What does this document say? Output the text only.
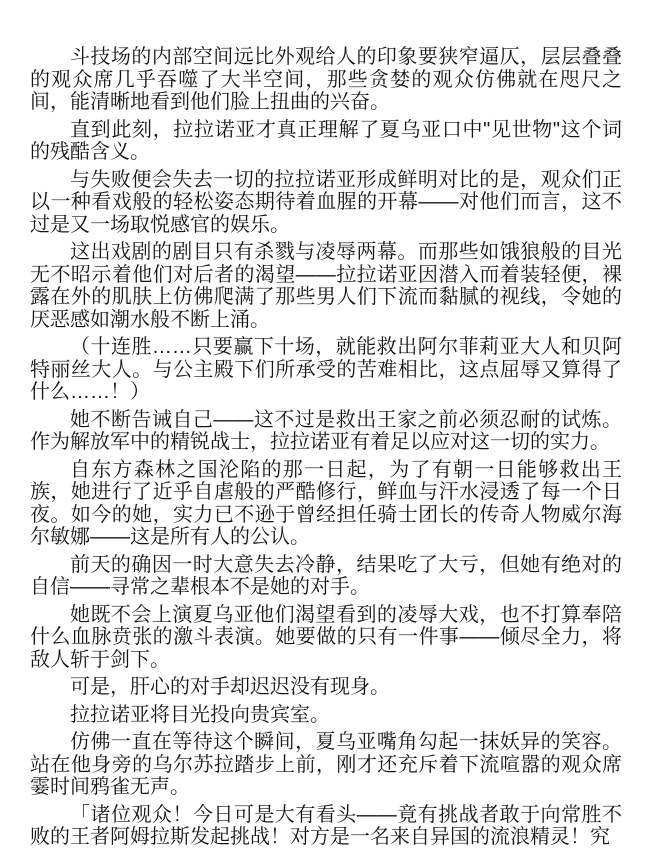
斗技场的内部空间远比外观给人的印象要狭窄逼仄，层层叠叠的观众席几乎吞噬了大半空间，那些贪婪的观众仿佛就在咫尺之间，能清晰地看到他们脸上扭曲的兴奋。

直到此刻，拉拉诺亚才真正理解了夏乌亚口中"见世物"这个词的残酷含义。

与失败便会失去一切的拉拉诺亚形成鲜明对比的是，观众们正以一种看戏般的轻松姿态期待着血腥的开幕——对他们而言，这不过是又一场取悦感官的娱乐。

这出戏剧的剧目只有杀戮与凌辱两幕。而那些如饿狼般的目光无不昭示着他们对后者的渴望——拉拉诺亚因潜入而着装轻便，裸露在外的肌肤上仿佛爬满了那些男人们下流而黏腻的视线，令她的厌恶感如潮水般不断上涌。

（十连胜……只要赢下十场，就能救出阿尔菲莉亚大人和贝阿特丽丝大人。与公主殿下们所承受的苦难相比，这点屈辱又算得了什么……！）

她不断告诫自己——这不过是救出王家之前必须忍耐的试炼。作为解放军中的精锐战士，拉拉诺亚有着足以应对这一切的实力。

自东方森林之国沦陷的那一日起，为了有朝一日能够救出王族，她进行了近乎自虐般的严酷修行，鲜血与汗水浸透了每一个日夜。如今的她，实力已不逊于曾经担任骑士团长的传奇人物威尔海尔敏娜——这是所有人的公认。

前天的确因一时大意失去冷静，结果吃了大亏，但她有绝对的自信——寻常之辈根本不是她的对手。

她既不会上演夏乌亚他们渴望看到的凌辱大戏，也不打算奉陪什么血脉贲张的激斗表演。她要做的只有一件事——倾尽全力，将敌人斩于剑下。

可是，肝心的对手却迟迟没有现身。

拉拉诺亚将目光投向贵宾室。

仿佛一直在等待这个瞬间，夏乌亚嘴角勾起一抹妖异的笑容。站在他身旁的乌尔苏拉踏步上前，刚才还充斥着下流喧嚣的观众席霎时间鸦雀无声。

「诸位观众！今日可是大有看头——竟有挑战者敢于向常胜不败的王者阿姆拉斯发起挑战！对方是一名来自异国的流浪精灵！究
